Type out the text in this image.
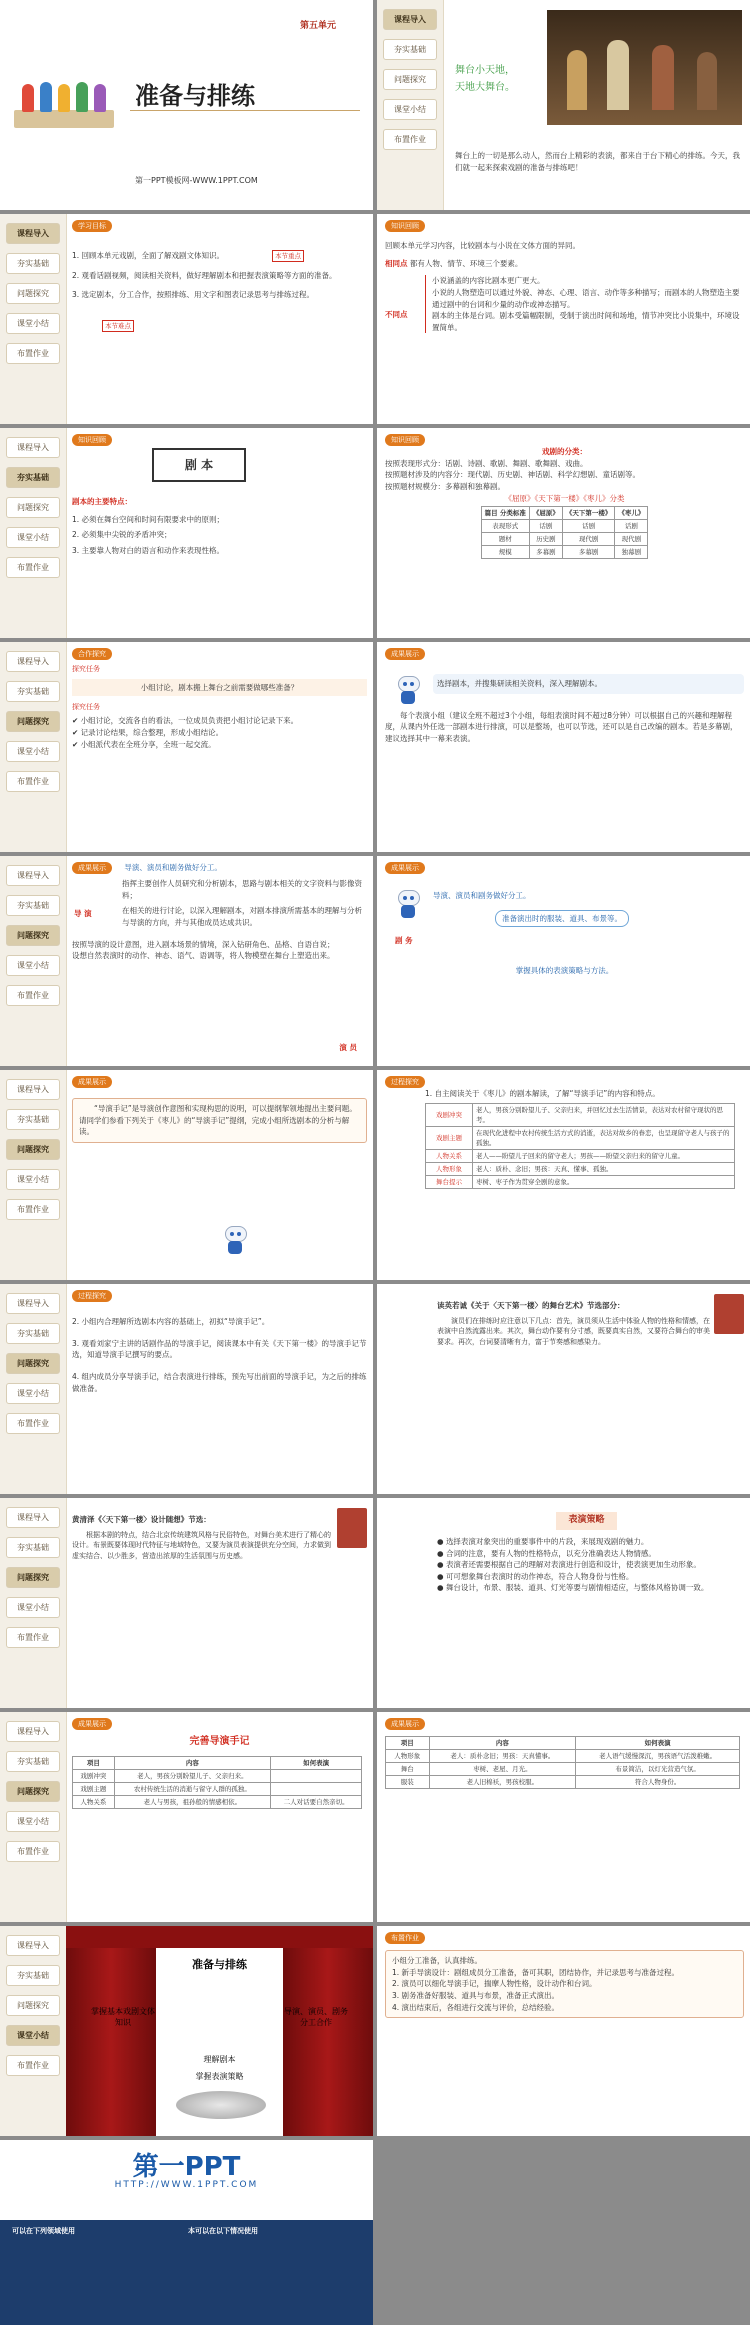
第五单元
准备与排练
第一PPT模板网-WWW.1PPT.COM
课程导入
夯实基础
问题探究
课堂小结
布置作业
舞台小天地，
天地大舞台。
舞台上的一切是那么动人，然而台上精彩的表演，都来自于台下精心的排练。今天，我们就一起来探索戏剧的准备与排练吧！
课程导入
夯实基础
问题探究
课堂小结
布置作业
学习目标
1. 回顾本单元戏剧，全面了解戏剧文体知识。
2. 观看话剧视频，阅读相关资料，做好理解剧本和把握表演策略等方面的准备。
3. 选定剧本，分工合作，按照排练、用文字和图表记录思考与排练过程。
本节重点
本节难点
知识回顾
回顾本单元学习内容，比较剧本与小说在文体方面的异同。
相同点 都有人物、情节、环境三个要素。
不同点
小说涵盖的内容比剧本更广更大。
小说的人物塑造可以通过外貌、神态、心理、语言、动作等多种描写；而剧本的人物塑造主要通过剧中的台词和少量的动作或神态描写。
剧本的主体是台词。剧本受篇幅限制，受制于演出时间和场地，情节冲突比小说集中，环境设置简单。
课程导入
夯实基础
问题探究
课堂小结
布置作业
知识回顾
剧 本
剧本的主要特点：
1. 必须在舞台空间和时间有限要求中的原则；
2. 必须集中尖锐的矛盾冲突；
3. 主要靠人物对白的语言和动作来表现性格。
知识回顾
戏剧的分类：
按照表现形式分：话剧、诗剧、歌剧、舞剧、歌舞剧、戏曲。
按照题材涉及的内容分：现代剧、历史剧、神话剧、科学幻想剧、童话剧等。
按照题材规模分：多幕剧和独幕剧。
《屈原》《天下第一楼》《枣儿》分类
篇目 分类标准	《屈原》	《天下第一楼》	《枣儿》
表现形式	话剧	话剧	话剧
题材	历史剧	现代剧	现代剧
规模	多幕剧	多幕剧	独幕剧
课程导入
夯实基础
问题探究
课堂小结
布置作业
合作探究
探究任务
小组讨论，剧本搬上舞台之前需要做哪些准备？
探究任务
✔ 小组讨论，交流各自的看法，一位成员负责把小组讨论记录下来。
✔ 记录讨论结果，综合整理，形成小组结论。
✔ 小组派代表在全班分享，全班一起交流。
成果展示
选择剧本，并搜集研读相关资料，深入理解剧本。
每个表演小组（建议全班不超过3个小组，每组表演时间不超过8分钟）可以根据自己的兴趣和理解程度，从课内外任选一部剧本进行排演，可以是整场，也可以节选，还可以是自己改编的剧本。若是多幕剧，建议选择其中一幕来表演。
课程导入
夯实基础
问题探究
课堂小结
布置作业
成果展示 导演、演员和剧务做好分工。
指挥主要创作人员研究和分析剧本，思路与剧本相关的文字资料与影像资料；
导 演	在相关的进行讨论，以深入理解剧本，对剧本排演所需基本的理解与分析与导演的方向，并与其他成员达成共识。
按照导演的设计意图，进入剧本场景的情境，深入钻研角色、品格、自语自说；
设想自然表演时的动作、神态、语气、语调等，将人物模塑在舞台上塑造出来。
演 员
成果展示
导演、演员和剧务做好分工。
准备演出时的服装、道具、布景等。
剧 务
掌握具体的表演策略与方法。
课程导入
夯实基础
问题探究
课堂小结
布置作业
成果展示
“导演手记”是导演创作意图和实现构思的说明，可以提纲挈领地提出主要问题。请同学们参看下列关于《枣儿》的“导演手记”提纲，完成小组所选剧本的分析与解读。
过程探究
1. 自主阅读关于《枣儿》的剧本解读，了解“导演手记”的内容和特点。
戏剧冲突	老人，男孩分别盼望儿子、父亲归来，并回忆过去生活情景，表达对农村留守现状的思考。
戏剧主题	在现代化进程中农村传统生活方式的消逝，表达对故乡的眷恋，也呈现留守老人与孩子的孤独。
人物关系	老人——盼望儿子回来的留守老人；男孩——盼望父亲归来的留守儿童。
人物形象	老人：质朴、念旧；男孩：天真、懂事、孤独。
舞台提示	枣树、枣子作为贯穿全剧的意象。
课程导入
夯实基础
问题探究
课堂小结
布置作业
过程探究
2. 小组内合理解所选剧本内容的基础上，初拟“导演手记”。
3. 观看刘家宁主讲的话剧作品的导演手记，阅读课本中有关《天下第一楼》的导演手记节选，知道导演手记撰写的要点。
4. 组内成员分享导演手记，结合表演进行排练，预先写出前面的导演手记，为之后的排练做准备。
读英若诚《关于〈天下第一楼〉的舞台艺术》节选部分：
演员们在排练时应注意以下几点：首先，演员须从生活中体验人物的性格和情感，在表演中自然流露出来。其次，舞台动作要有分寸感，既要真实自然，又要符合舞台的审美要求。再次，台词要清晰有力，富于节奏感和感染力。
课程导入
夯实基础
问题探究
课堂小结
布置作业
黄清泽《〈天下第一楼〉设计随想》节选：
根据本剧的特点，结合北京传统建筑风格与民俗特色，对舞台美术进行了精心的设计。布景既要体现时代特征与地域特色，又要为演员表演提供充分空间，力求做到虚实结合、以少胜多，营造出浓厚的生活氛围与历史感。
表演策略
● 选择表演对象突出的重要事件中的片段，来展现戏剧的魅力。
● 合词的注意，要有人物的性格特点，以充分准确表达人物情感。
● 表演者还需要根据自己的理解对表演进行创造和设计，使表演更加生动形象。
● 可可想象舞台表演时的动作神态，符合人物身份与性格。
● 舞台设计，布景、服装、道具、灯光等要与剧情相适应，与整体风格协调一致。
课程导入
夯实基础
问题探究
课堂小结
布置作业
成果展示
完善导演手记
项目	内容	如何表演
戏剧冲突	老人，男孩分别盼望儿子、父亲归来。	
戏剧主题	农村传统生活的消逝与留守人群的孤独。	
人物关系	老人与男孩，祖孙般的情感相依。	二人对话要自然亲切。
成果展示
项目	内容	如何表演
人物形象	老人：质朴念旧；男孩：天真懂事。	老人语气缓慢深沉，男孩语气活泼稚嫩。
舞台	枣树、老屋、月光。	布景简洁，以灯光营造气氛。
服装	老人旧棉袄，男孩校服。	符合人物身份。
课程导入
夯实基础
问题探究
课堂小结
布置作业
准备与排练
掌握基本戏剧文体知识
导演、演员、剧务分工合作
理解剧本
掌握表演策略
布置作业
小组分工准备，认真排练。
1. 新手导演设计：剧组成员分工准备，备可其职，团结协作，并记录思考与准备过程。
2. 演员可以细化导演手记，揣摩人物性格，设计动作和台词。
3. 剧务准备好服装、道具与布景，准备正式演出。
4. 演出结束后，各组进行交流与评价，总结经验。
第一PPT
HTTP://WWW.1PPT.COM
可以在下列领域使用	本可以在以下情况使用
